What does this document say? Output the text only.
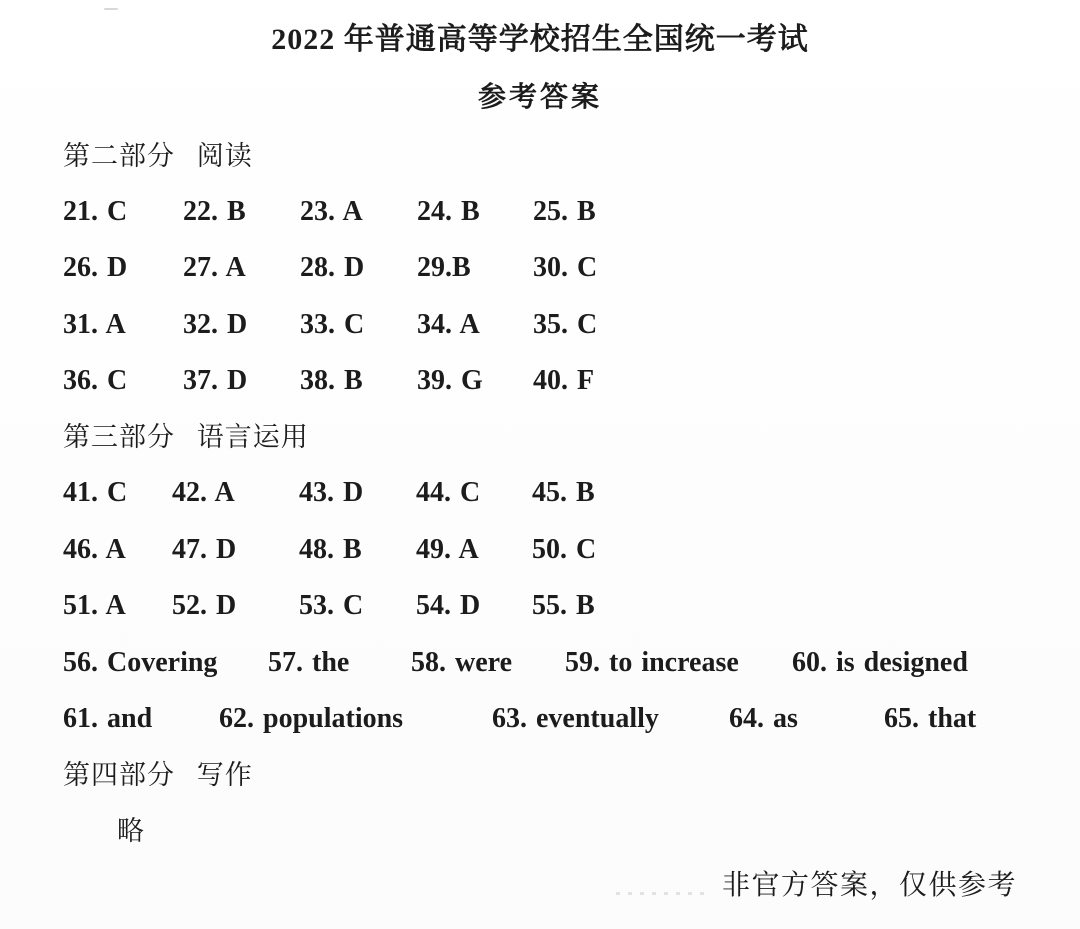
2022 年普通高等学校招生全国统一考试
参考答案
第二部分 阅读
21. C 22. B 23. A 24. B 25. B
26. D 27. A 28. D 29.B 30. C
31. A 32. D 33. C 34. A 35. C
36. C 37. D 38. B 39. G 40. F
第三部分 语言运用
41. C 42. A 43. D 44. C 45. B
46. A 47. D 48. B 49. A 50. C
51. A 52. D 53. C 54. D 55. B
56. Covering 57. the 58. were 59. to increase 60. is designed
61. and 62. populations	63. eventually	64. as	65. that
第四部分 写作
略
非官方答案，仅供参考
